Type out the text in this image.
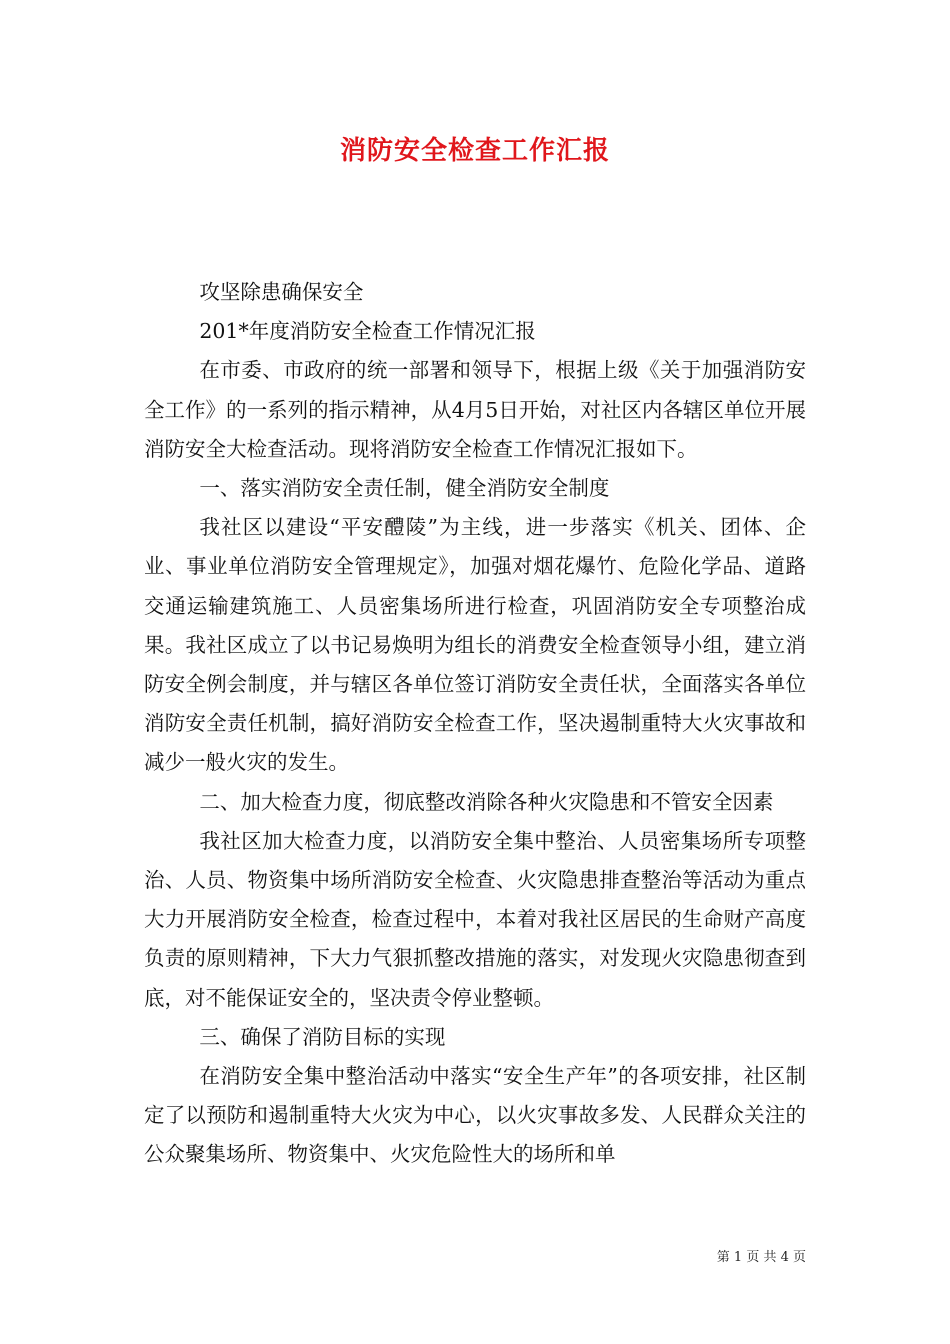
消防安全检查工作汇报

攻坚除患确保安全

201*年度消防安全检查工作情况汇报

在市委、市政府的统一部署和领导下，根据上级《关于加强消防安全工作》的一系列的指示精神，从4月5日开始，对社区内各辖区单位开展消防安全大检查活动。现将消防安全检查工作情况汇报如下。

一、落实消防安全责任制，健全消防安全制度

我社区以建设“平安醴陵”为主线，进一步落实《机关、团体、企业、事业单位消防安全管理规定》，加强对烟花爆竹、危险化学品、道路交通运输建筑施工、人员密集场所进行检查，巩固消防安全专项整治成果。我社区成立了以书记易焕明为组长的消费安全检查领导小组，建立消防安全例会制度，并与辖区各单位签订消防安全责任状，全面落实各单位消防安全责任机制，搞好消防安全检查工作，坚决遏制重特大火灾事故和减少一般火灾的发生。

二、加大检查力度，彻底整改消除各种火灾隐患和不管安全因素

我社区加大检查力度，以消防安全集中整治、人员密集场所专项整治、人员、物资集中场所消防安全检查、火灾隐患排查整治等活动为重点大力开展消防安全检查，检查过程中，本着对我社区居民的生命财产高度负责的原则精神，下大力气狠抓整改措施的落实，对发现火灾隐患彻查到底，对不能保证安全的，坚决责令停业整顿。

三、确保了消防目标的实现

在消防安全集中整治活动中落实“安全生产年”的各项安排，社区制定了以预防和遏制重特大火灾为中心，以火灾事故多发、人民群众关注的公众聚集场所、物资集中、火灾危险性大的场所和单

第 1 页 共 4 页
